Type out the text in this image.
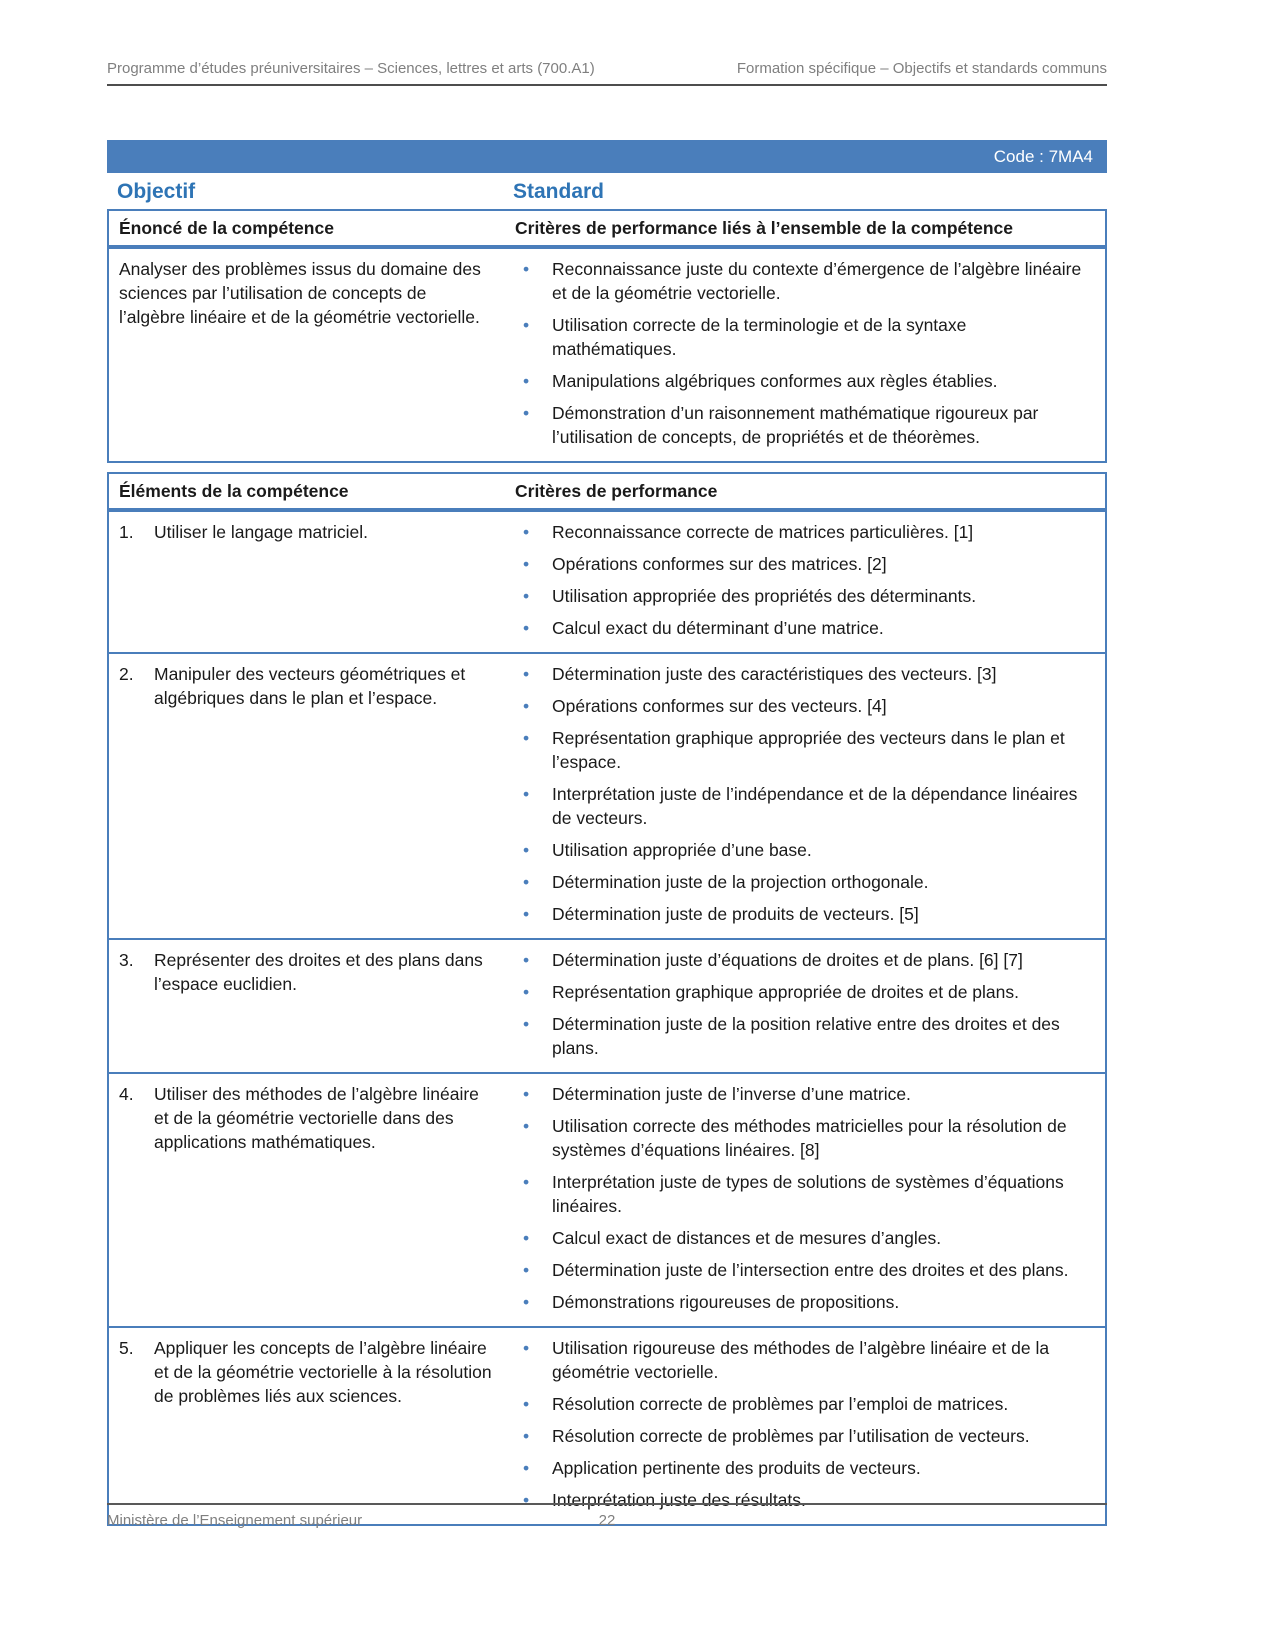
Programme d’études préuniversitaires – Sciences, lettres et arts (700.A1)	Formation spécifique – Objectifs et standards communs
Code : 7MA4
Objectif	Standard
Énoncé de la compétence	Critères de performance liés à l’ensemble de la compétence
Analyser des problèmes issus du domaine des sciences par l’utilisation de concepts de l’algèbre linéaire et de la géométrie vectorielle.
• Reconnaissance juste du contexte d’émergence de l’algèbre linéaire et de la géométrie vectorielle.
• Utilisation correcte de la terminologie et de la syntaxe mathématiques.
• Manipulations algébriques conformes aux règles établies.
• Démonstration d’un raisonnement mathématique rigoureux par l’utilisation de concepts, de propriétés et de théorèmes.
Éléments de la compétence	Critères de performance
1.	Utiliser le langage matriciel.	• Reconnaissance correcte de matrices particulières. [1]
• Opérations conformes sur des matrices. [2]
• Utilisation appropriée des propriétés des déterminants.
• Calcul exact du déterminant d’une matrice.
2.	Manipuler des vecteurs géométriques et algébriques dans le plan et l’espace.
• Détermination juste des caractéristiques des vecteurs. [3]
• Opérations conformes sur des vecteurs. [4]
• Représentation graphique appropriée des vecteurs dans le plan et l’espace.
• Interprétation juste de l’indépendance et de la dépendance linéaires de vecteurs.
• Utilisation appropriée d’une base.
• Détermination juste de la projection orthogonale.
• Détermination juste de produits de vecteurs. [5]
3.	Représenter des droites et des plans dans l’espace euclidien.
• Détermination juste d’équations de droites et de plans. [6] [7]
• Représentation graphique appropriée de droites et de plans.
• Détermination juste de la position relative entre des droites et des plans.
4.	Utiliser des méthodes de l’algèbre linéaire et de la géométrie vectorielle dans des applications mathématiques.
• Détermination juste de l’inverse d’une matrice.
• Utilisation correcte des méthodes matricielles pour la résolution de systèmes d’équations linéaires. [8]
• Interprétation juste de types de solutions de systèmes d’équations linéaires.
• Calcul exact de distances et de mesures d’angles.
• Détermination juste de l’intersection entre des droites et des plans.
• Démonstrations rigoureuses de propositions.
5.	Appliquer les concepts de l’algèbre linéaire et de la géométrie vectorielle à la résolution de problèmes liés aux sciences.
• Utilisation rigoureuse des méthodes de l’algèbre linéaire et de la géométrie vectorielle.
• Résolution correcte de problèmes par l’emploi de matrices.
• Résolution correcte de problèmes par l’utilisation de vecteurs.
• Application pertinente des produits de vecteurs.
• Interprétation juste des résultats.
Ministère de l’Enseignement supérieur	22
